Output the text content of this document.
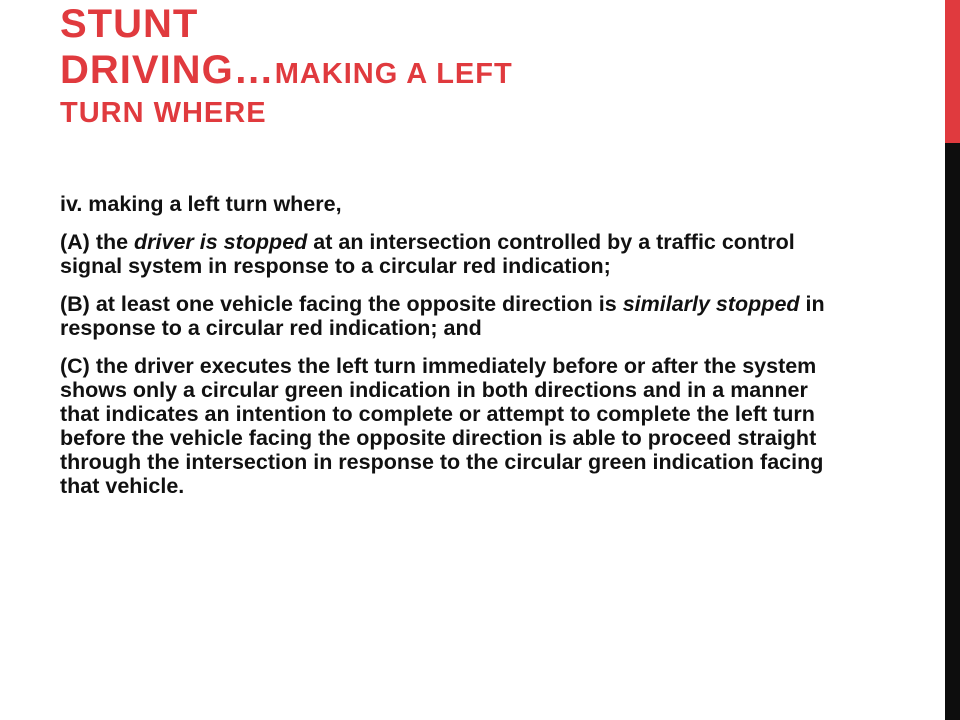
STUNT
DRIVING…MAKING A LEFT
TURN WHERE

iv. making a left turn where,

(A) the driver is stopped at an intersection controlled by a traffic control signal system in response to a circular red indication;

(B) at least one vehicle facing the opposite direction is similarly stopped in response to a circular red indication; and

(C) the driver executes the left turn immediately before or after the system shows only a circular green indication in both directions and in a manner that indicates an intention to complete or attempt to complete the left turn before the vehicle facing the opposite direction is able to proceed straight through the intersection in response to the circular green indication facing that vehicle.
